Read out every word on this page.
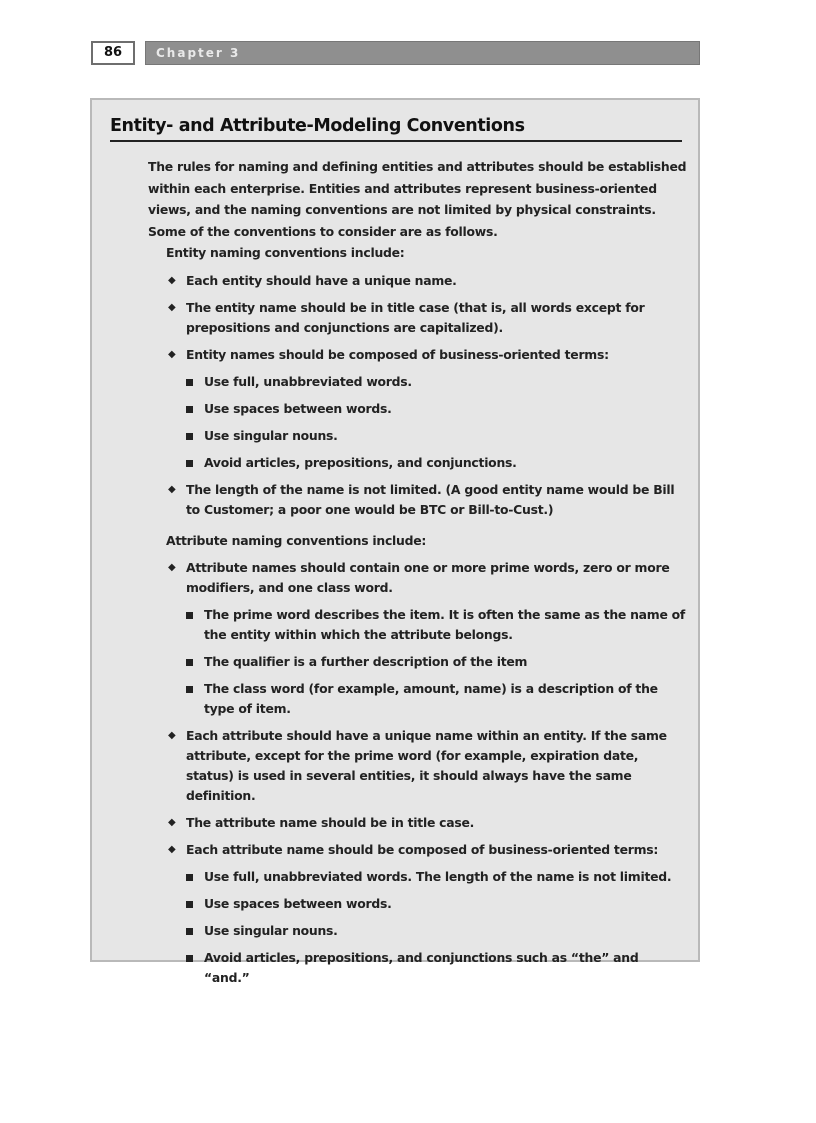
86	Chapter 3
Entity- and Attribute-Modeling Conventions

The rules for naming and defining entities and attributes should be established within each enterprise. Entities and attributes represent business-oriented views, and the naming conventions are not limited by physical constraints. Some of the conventions to consider are as follows.

Entity naming conventions include:

◆ Each entity should have a unique name.
◆ The entity name should be in title case (that is, all words except for prepositions and conjunctions are capitalized).
◆ Entity names should be composed of business-oriented terms:
Use full, unabbreviated words.
Use spaces between words.
Use singular nouns.
Avoid articles, prepositions, and conjunctions.
◆ The length of the name is not limited. (A good entity name would be Bill to Customer; a poor one would be BTC or Bill-to-Cust.)

Attribute naming conventions include:

◆ Attribute names should contain one or more prime words, zero or more modifiers, and one class word.
The prime word describes the item. It is often the same as the name of the entity within which the attribute belongs.
The qualifier is a further description of the item
The class word (for example, amount, name) is a description of the type of item.
◆ Each attribute should have a unique name within an entity. If the same attribute, except for the prime word (for example, expiration date, status) is used in several entities, it should always have the same definition.
◆ The attribute name should be in title case.
◆ Each attribute name should be composed of business-oriented terms:
Use full, unabbreviated words. The length of the name is not limited.
Use spaces between words.
Use singular nouns.
Avoid articles, prepositions, and conjunctions such as “the” and “and.”
